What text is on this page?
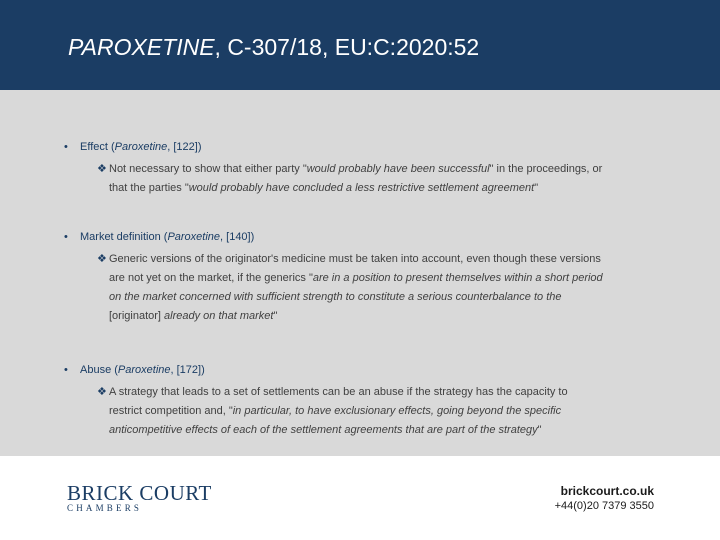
PAROXETINE, C-307/18, EU:C:2020:52
• Effect (Paroxetine, [122])
❖ Not necessary to show that either party "would probably have been successful" in the proceedings, or
that the parties "would probably have concluded a less restrictive settlement agreement"
• Market definition (Paroxetine, [140])
❖ Generic versions of the originator's medicine must be taken into account, even though these versions
are not yet on the market, if the generics "are in a position to present themselves within a short period
on the market concerned with sufficient strength to constitute a serious counterbalance to the
[originator] already on that market"
• Abuse (Paroxetine, [172])
❖ A strategy that leads to a set of settlements can be an abuse if the strategy has the capacity to
restrict competition and, "in particular, to have exclusionary effects, going beyond the specific
anticompetitive effects of each of the settlement agreements that are part of the strategy"
BRICK COURT
CHAMBERS
brickcourt.co.uk
+44(0)20 7379 3550
